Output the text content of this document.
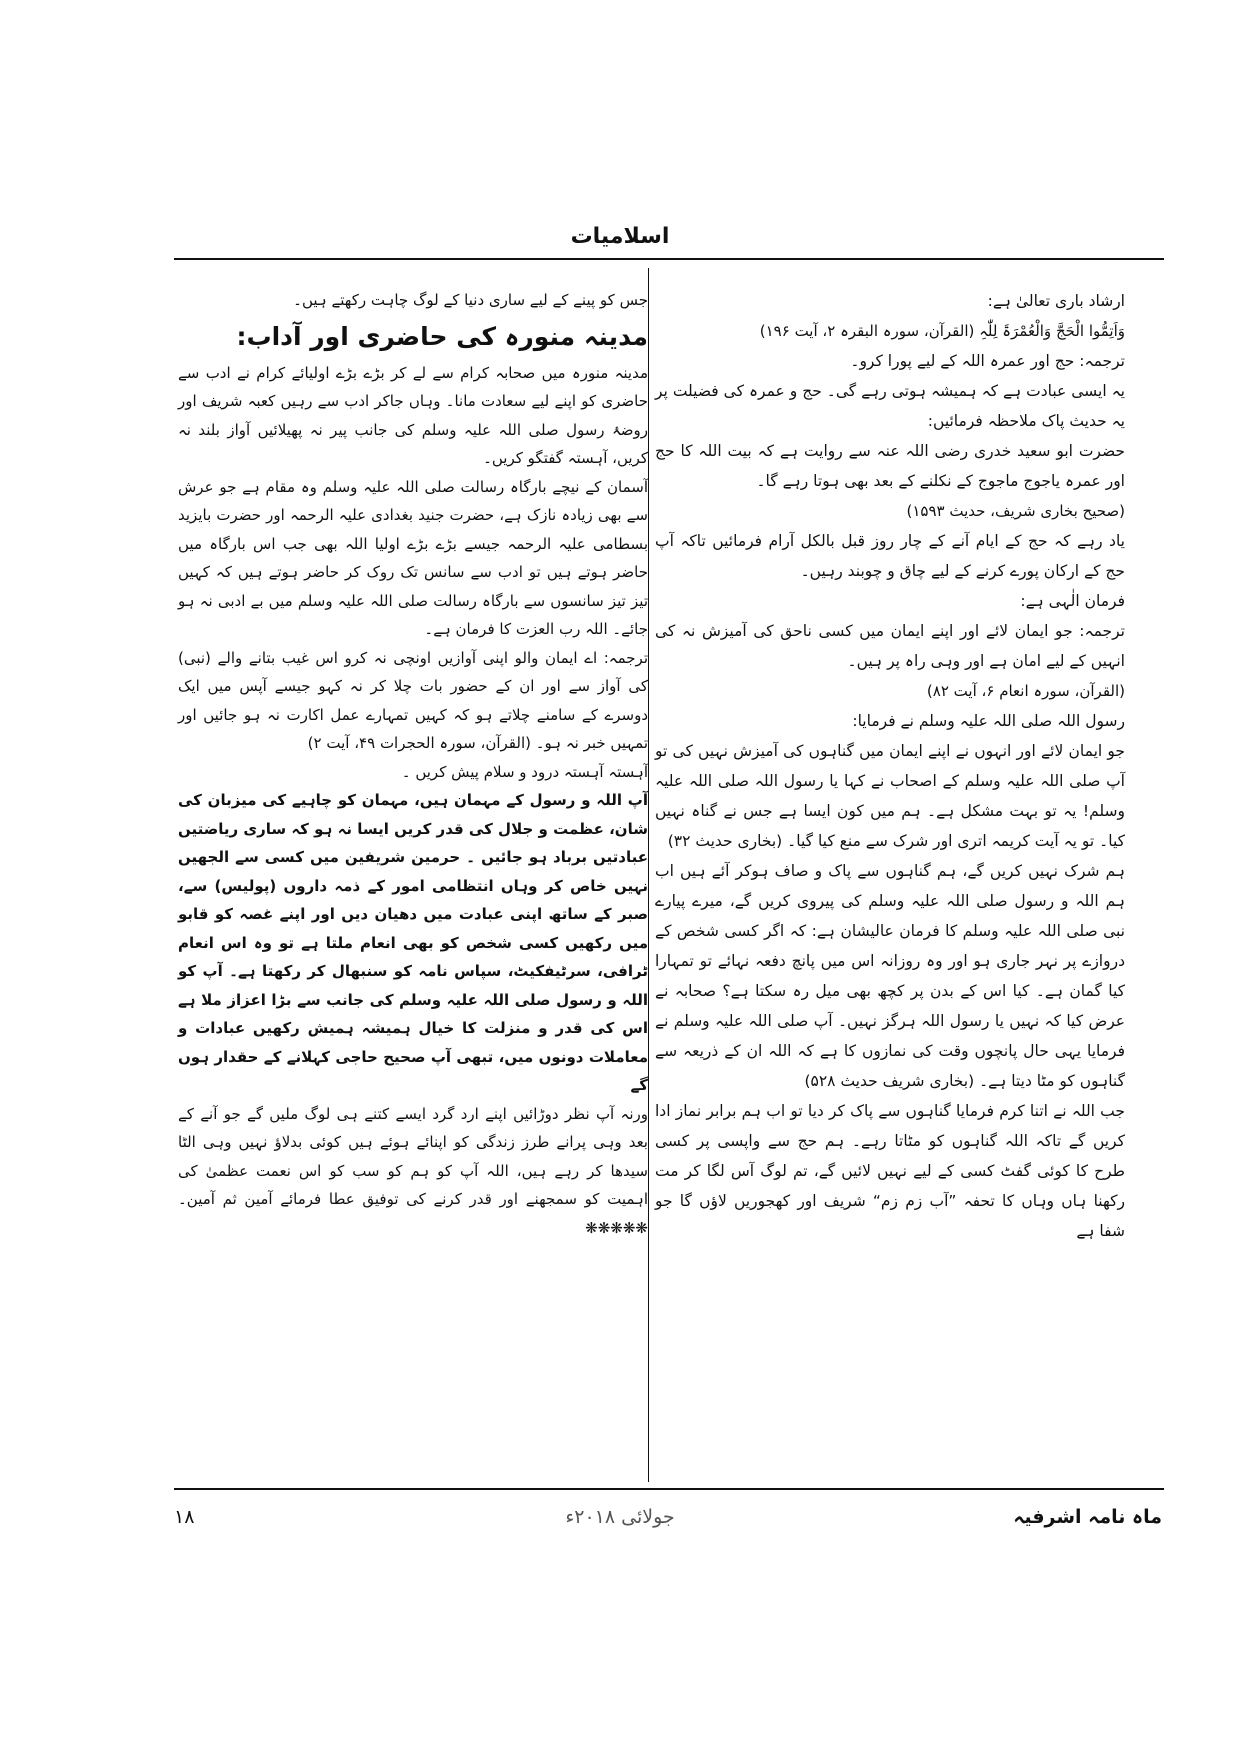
اسلامیات

ارشاد باری تعالیٰ ہے:

وَاَتِمُّوا الْحَجَّ وَالْعُمْرَۃَ لِلّٰہِ (القرآن، سورہ البقرہ ۲، آیت ۱۹۶)

ترجمہ: حج اور عمرہ اللہ کے لیے پورا کرو۔

یہ ایسی عبادت ہے کہ ہمیشہ ہوتی رہے گی۔ حج و عمرہ کی فضیلت پر یہ حدیث پاک ملاحظہ فرمائیں:

حضرت ابو سعید خدری رضی اللہ عنہ سے روایت ہے کہ بیت اللہ کا حج اور عمرہ یاجوج ماجوج کے نکلنے کے بعد بھی ہوتا رہے گا۔

(صحیح بخاری شریف، حدیث ۱۵۹۳)

یاد رہے کہ حج کے ایام آنے کے چار روز قبل بالکل آرام فرمائیں تاکہ آپ حج کے ارکان پورے کرنے کے لیے چاق و چوبند رہیں۔

فرمان الٰہی ہے:

ترجمہ: جو ایمان لائے اور اپنے ایمان میں کسی ناحق کی آمیزش نہ کی انہیں کے لیے امان ہے اور وہی راہ پر ہیں۔

(القرآن، سورہ انعام ۶، آیت ۸۲)

رسول اللہ صلی اللہ علیہ وسلم نے فرمایا:

جو ایمان لائے اور انہوں نے اپنے ایمان میں گناہوں کی آمیزش نہیں کی تو آپ صلی اللہ علیہ وسلم کے اصحاب نے کہا یا رسول اللہ صلی اللہ علیہ وسلم! یہ تو بہت مشکل ہے۔ ہم میں کون ایسا ہے جس نے گناہ نہیں کیا۔ تو یہ آیت کریمہ اتری اور شرک سے منع کیا گیا۔ (بخاری حدیث ۳۲)

ہم شرک نہیں کریں گے، ہم گناہوں سے پاک و صاف ہوکر آئے ہیں اب ہم اللہ و رسول صلی اللہ علیہ وسلم کی پیروی کریں گے، میرے پیارے نبی صلی اللہ علیہ وسلم کا فرمان عالیشان ہے: کہ اگر کسی شخص کے دروازے پر نہر جاری ہو اور وہ روزانہ اس میں پانچ دفعہ نہائے تو تمہارا کیا گمان ہے۔ کیا اس کے بدن پر کچھ بھی میل رہ سکتا ہے؟ صحابہ نے عرض کیا کہ نہیں یا رسول اللہ ہرگز نہیں۔ آپ صلی اللہ علیہ وسلم نے فرمایا یہی حال پانچوں وقت کی نمازوں کا ہے کہ اللہ ان کے ذریعہ سے گناہوں کو مٹا دیتا ہے۔ (بخاری شریف حدیث ۵۲۸)

جب اللہ نے اتنا کرم فرمایا گناہوں سے پاک کر دیا تو اب ہم برابر نماز ادا کریں گے تاکہ اللہ گناہوں کو مٹاتا رہے۔ ہم حج سے واپسی پر کسی طرح کا کوئی گفٹ کسی کے لیے نہیں لائیں گے، تم لوگ آس لگا کر مت رکھنا ہاں وہاں کا تحفہ ”آب زم زم“ شریف اور کھجوریں لاؤں گا جو شفا ہے

جس کو پینے کے لیے ساری دنیا کے لوگ چاہت رکھتے ہیں۔

مدینہ منورہ کی حاضری اور آداب:

مدینہ منورہ میں صحابہ کرام سے لے کر بڑے بڑے اولیائے کرام نے ادب سے حاضری کو اپنے لیے سعادت مانا۔ وہاں جاکر ادب سے رہیں کعبہ شریف اور روضۂ رسول صلی اللہ علیہ وسلم کی جانب پیر نہ پھیلائیں آواز بلند نہ کریں، آہستہ گفتگو کریں۔

آسمان کے نیچے بارگاہ رسالت صلی اللہ علیہ وسلم وہ مقام ہے جو عرش سے بھی زیادہ نازک ہے، حضرت جنید بغدادی علیہ الرحمہ اور حضرت بایزید بسطامی علیہ الرحمہ جیسے بڑے بڑے اولیا اللہ بھی جب اس بارگاہ میں حاضر ہوتے ہیں تو ادب سے سانس تک روک کر حاضر ہوتے ہیں کہ کہیں تیز تیز سانسوں سے بارگاہ رسالت صلی اللہ علیہ وسلم میں بے ادبی نہ ہو جائے۔ اللہ رب العزت کا فرمان ہے۔

ترجمہ: اے ایمان والو اپنی آوازیں اونچی نہ کرو اس غیب بتانے والے (نبی) کی آواز سے اور ان کے حضور بات چلا کر نہ کہو جیسے آپس میں ایک دوسرے کے سامنے چلاتے ہو کہ کہیں تمہارے عمل اکارت نہ ہو جائیں اور تمہیں خبر نہ ہو۔ (القرآن، سورہ الحجرات ۴۹، آیت ۲)

آہستہ آہستہ درود و سلام پیش کریں ۔

آپ اللہ و رسول کے مہمان ہیں، مہمان کو چاہیے کی میزبان کی شان، عظمت و جلال کی قدر کریں ایسا نہ ہو کہ ساری ریاضتیں عبادتیں برباد ہو جائیں ۔ حرمین شریفین میں کسی سے الجھیں نہیں خاص کر وہاں انتظامی امور کے ذمہ داروں (پولیس) سے، صبر کے ساتھ اپنی عبادت میں دھیان دیں اور اپنے غصہ کو قابو میں رکھیں کسی شخص کو بھی انعام ملتا ہے تو وہ اس انعام ٹرافی، سرٹیفکیٹ، سپاس نامہ کو سنبھال کر رکھتا ہے۔ آپ کو اللہ و رسول صلی اللہ علیہ وسلم کی جانب سے بڑا اعزاز ملا ہے اس کی قدر و منزلت کا خیال ہمیشہ ہمیش رکھیں عبادات و معاملات دونوں میں، تبھی آپ صحیح حاجی کہلانے کے حقدار ہوں گے

ورنہ آپ نظر دوڑائیں اپنے ارد گرد ایسے کتنے ہی لوگ ملیں گے جو آنے کے بعد وہی پرانے طرز زندگی کو اپنائے ہوئے ہیں کوئی بدلاؤ نہیں وہی الٹا سیدھا کر رہے ہیں، اللہ آپ کو ہم کو سب کو اس نعمت عظمیٰ کی اہمیت کو سمجھنے اور قدر کرنے کی توفیق عطا فرمائے آمین ثم آمین۔ ❋❋❋❋❋

ماہ نامہ اشرفیہ
جولائی ۲۰۱۸ء
۱۸
